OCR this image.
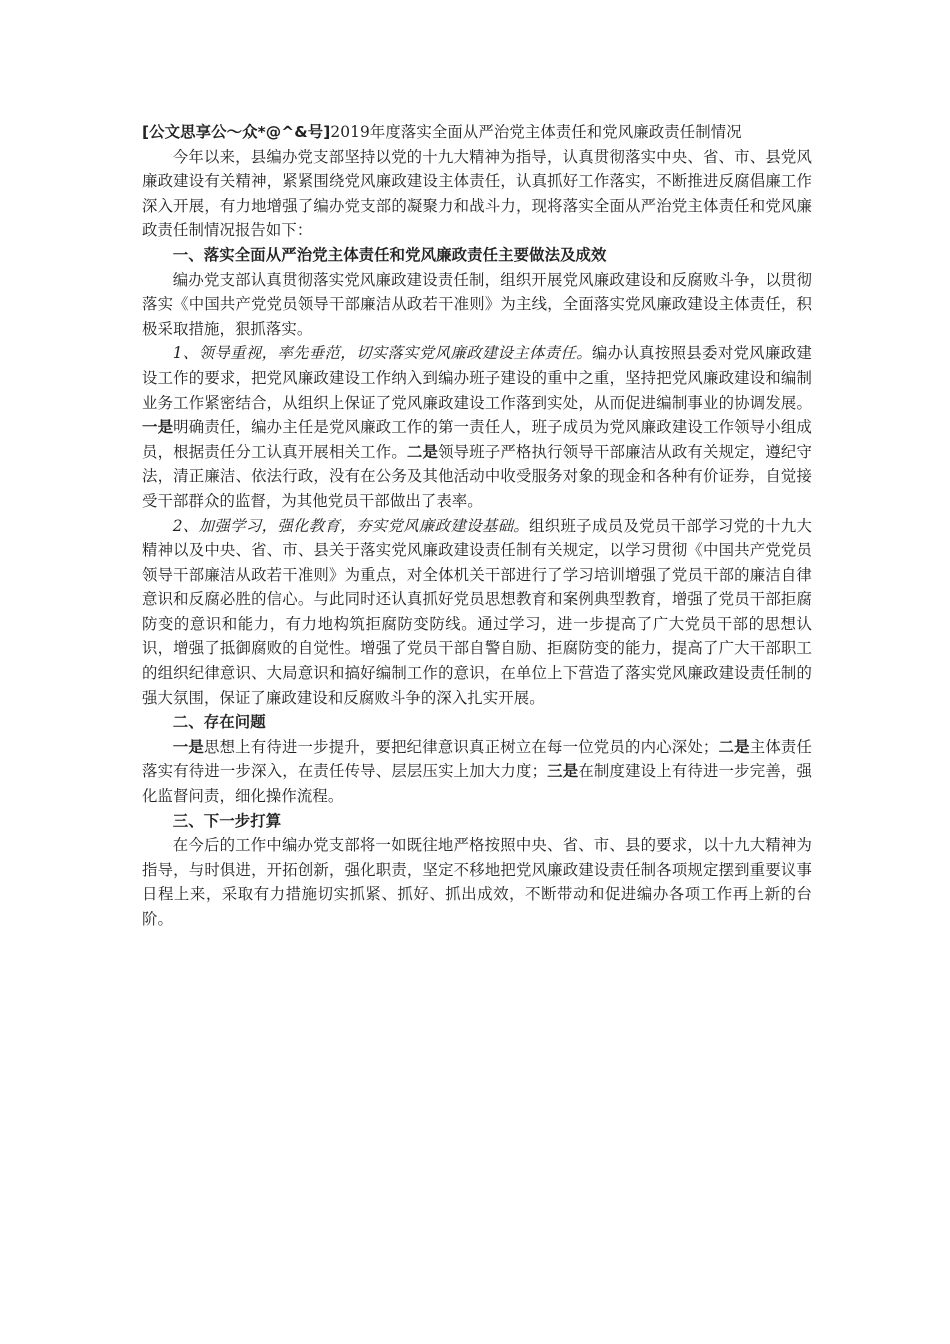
[公文思享公～众*@^&号]2019年度落实全面从严治党主体责任和党风廉政责任制情况

今年以来，县编办党支部坚持以党的十九大精神为指导，认真贯彻落实中央、省、市、县党风廉政建设有关精神，紧紧围绕党风廉政建设主体责任，认真抓好工作落实，不断推进反腐倡廉工作深入开展，有力地增强了编办党支部的凝聚力和战斗力，现将落实全面从严治党主体责任和党风廉政责任制情况报告如下：

一、落实全面从严治党主体责任和党风廉政责任主要做法及成效

编办党支部认真贯彻落实党风廉政建设责任制，组织开展党风廉政建设和反腐败斗争，以贯彻落实《中国共产党党员领导干部廉洁从政若干准则》为主线，全面落实党风廉政建设主体责任，积极采取措施，狠抓落实。

1、领导重视，率先垂范，切实落实党风廉政建设主体责任。编办认真按照县委对党风廉政建设工作的要求，把党风廉政建设工作纳入到编办班子建设的重中之重，坚持把党风廉政建设和编制业务工作紧密结合，从组织上保证了党风廉政建设工作落到实处，从而促进编制事业的协调发展。一是明确责任，编办主任是党风廉政工作的第一责任人，班子成员为党风廉政建设工作领导小组成员，根据责任分工认真开展相关工作。二是领导班子严格执行领导干部廉洁从政有关规定，遵纪守法，清正廉洁、依法行政，没有在公务及其他活动中收受服务对象的现金和各种有价证券，自觉接受干部群众的监督，为其他党员干部做出了表率。

2、加强学习，强化教育，夯实党风廉政建设基础。组织班子成员及党员干部学习党的十九大精神以及中央、省、市、县关于落实党风廉政建设责任制有关规定，以学习贯彻《中国共产党党员领导干部廉洁从政若干准则》为重点，对全体机关干部进行了学习培训增强了党员干部的廉洁自律意识和反腐必胜的信心。与此同时还认真抓好党员思想教育和案例典型教育，增强了党员干部拒腐防变的意识和能力，有力地构筑拒腐防变防线。通过学习，进一步提高了广大党员干部的思想认识，增强了抵御腐败的自觉性。增强了党员干部自警自励、拒腐防变的能力，提高了广大干部职工的组织纪律意识、大局意识和搞好编制工作的意识，在单位上下营造了落实党风廉政建设责任制的强大氛围，保证了廉政建设和反腐败斗争的深入扎实开展。

二、存在问题

一是思想上有待进一步提升，要把纪律意识真正树立在每一位党员的内心深处；二是主体责任落实有待进一步深入，在责任传导、层层压实上加大力度；三是在制度建设上有待进一步完善，强化监督问责，细化操作流程。

三、下一步打算

在今后的工作中编办党支部将一如既往地严格按照中央、省、市、县的要求，以十九大精神为指导，与时俱进，开拓创新，强化职责，坚定不移地把党风廉政建设责任制各项规定摆到重要议事日程上来，采取有力措施切实抓紧、抓好、抓出成效，不断带动和促进编办各项工作再上新的台阶。
